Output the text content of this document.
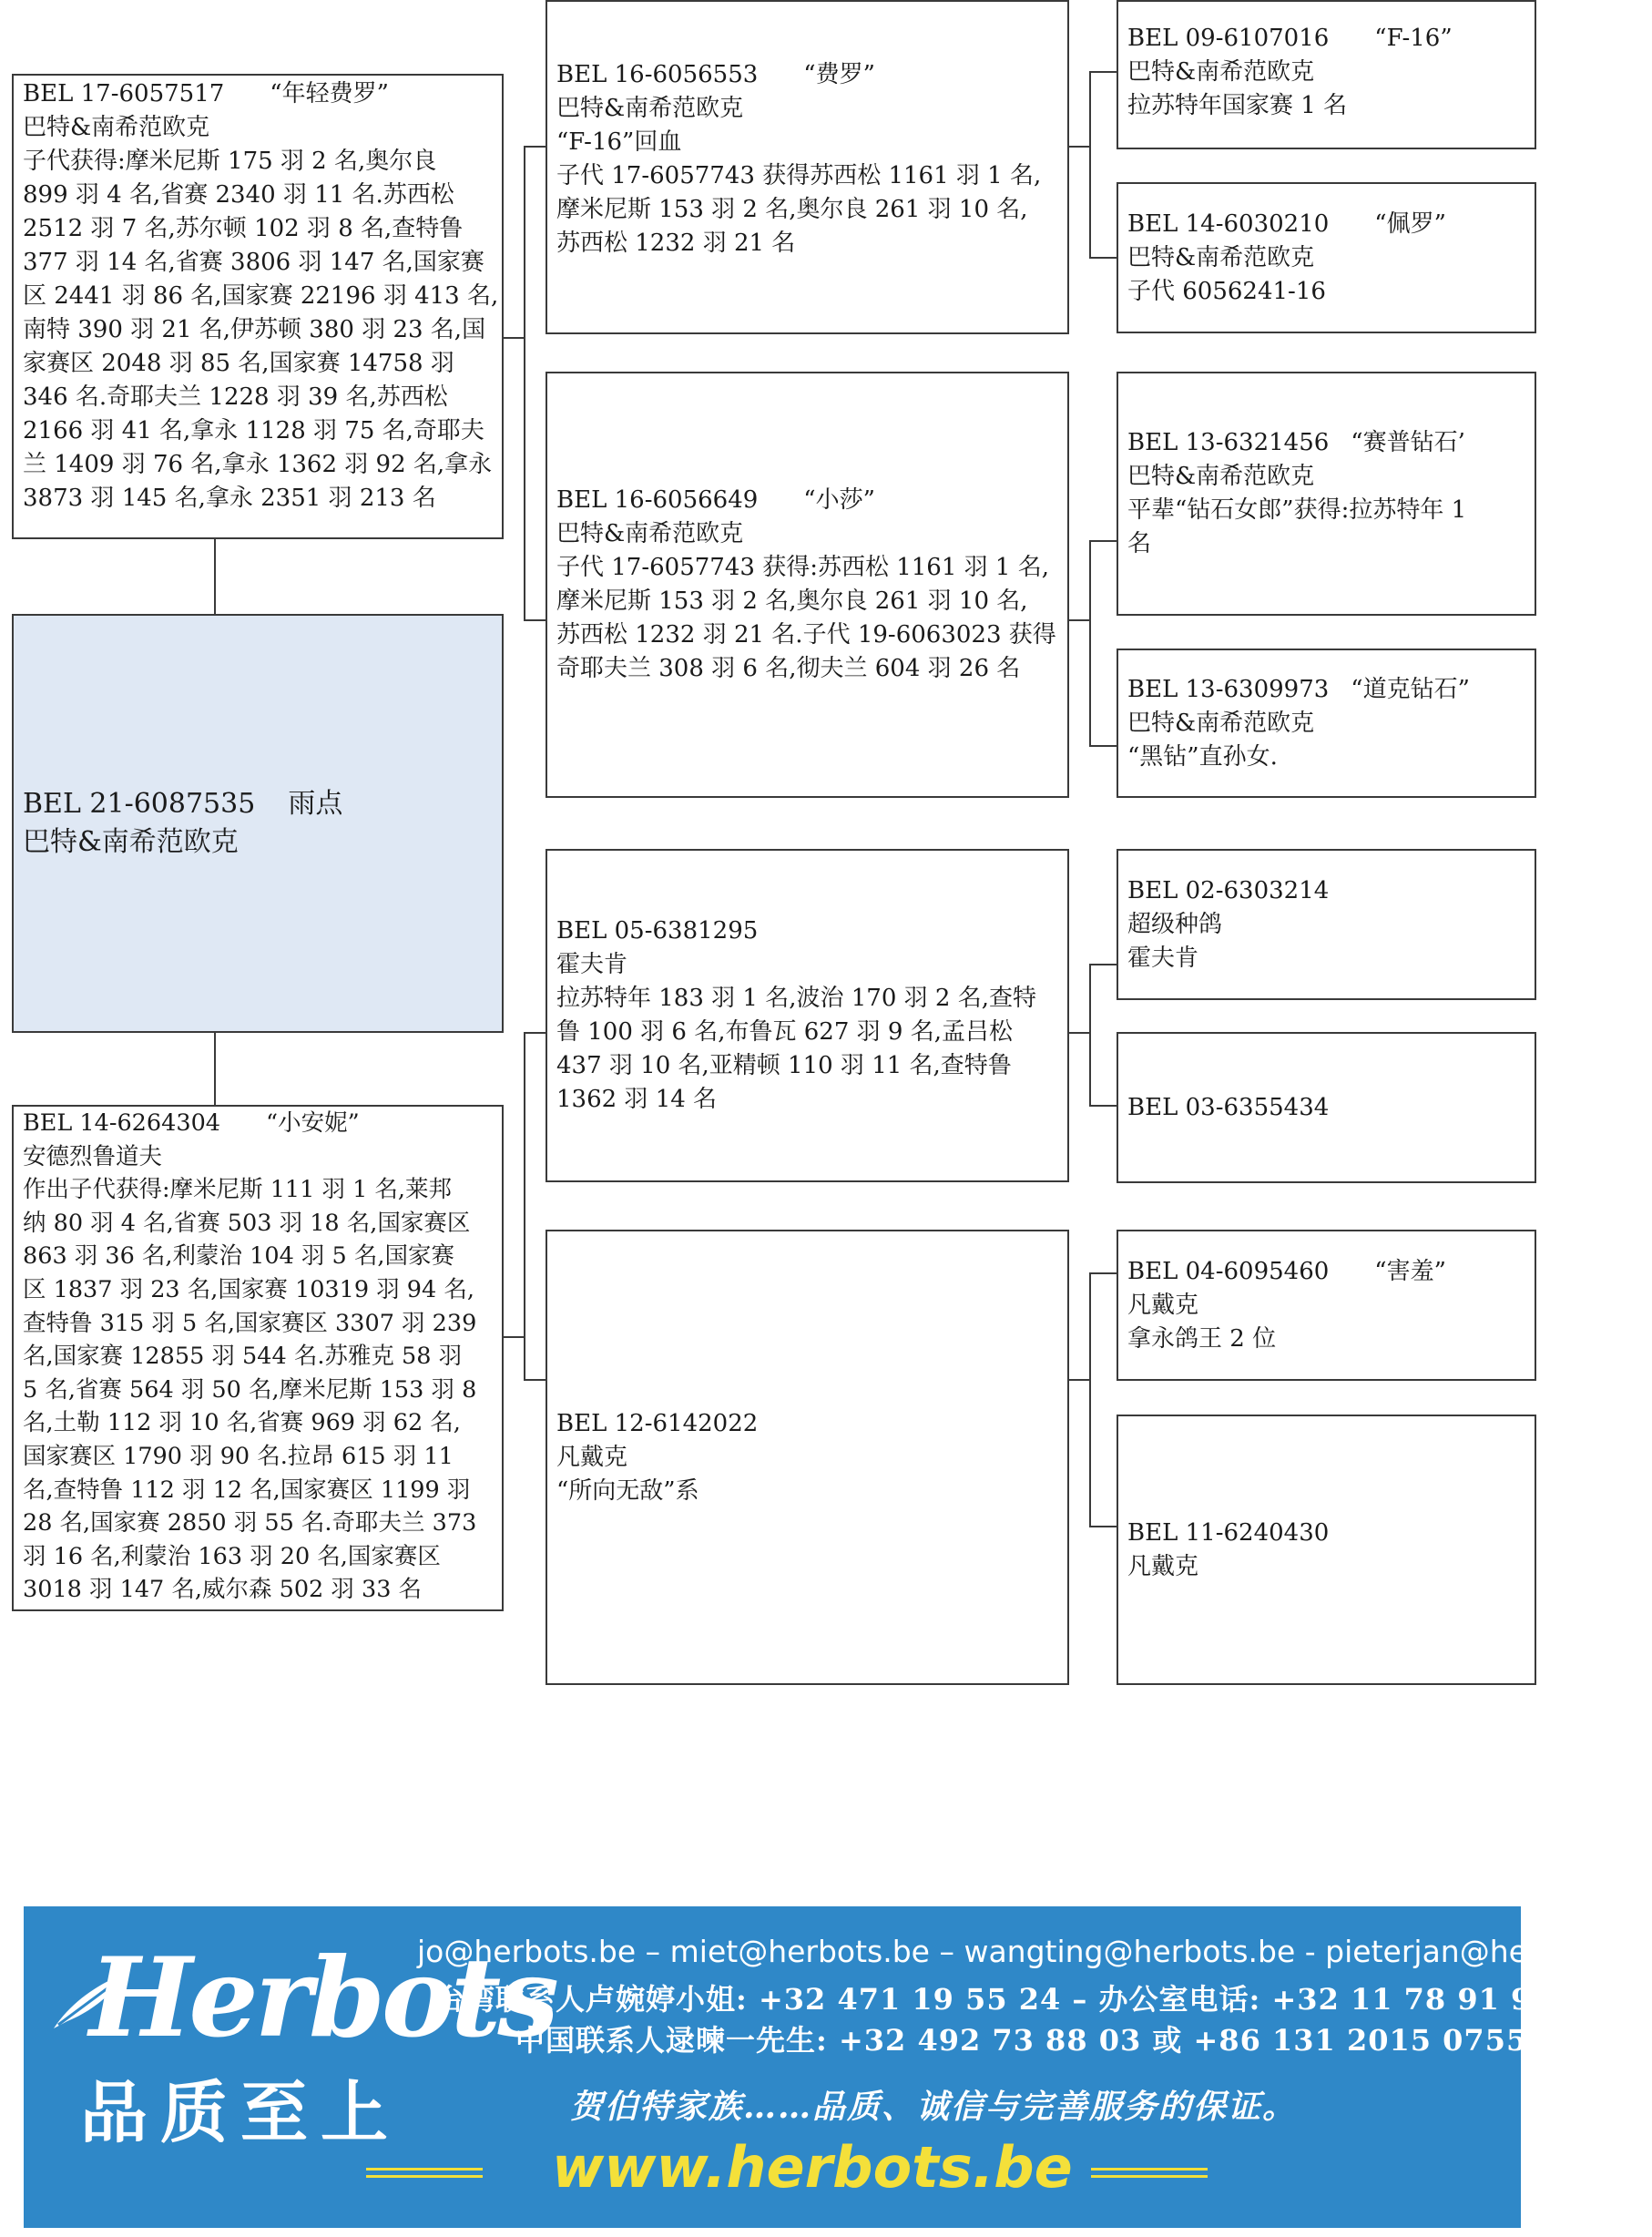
BEL 17-6057517 “年轻费罗”
巴特&南希范欧克
子代获得:摩米尼斯 175 羽 2 名,奥尔良
899 羽 4 名,省赛 2340 羽 11 名.苏西松
2512 羽 7 名,苏尔顿 102 羽 8 名,查特鲁
377 羽 14 名,省赛 3806 羽 147 名,国家赛
区 2441 羽 86 名,国家赛 22196 羽 413 名,
南特 390 羽 21 名,伊苏顿 380 羽 23 名,国
家赛区 2048 羽 85 名,国家赛 14758 羽
346 名.奇耶夫兰 1228 羽 39 名,苏西松
2166 羽 41 名,拿永 1128 羽 75 名,奇耶夫
兰 1409 羽 76 名,拿永 1362 羽 92 名,拿永
3873 羽 145 名,拿永 2351 羽 213 名
BEL 21-6087535 雨点
巴特&南希范欧克
BEL 14-6264304 “小安妮”
安德烈鲁道夫
作出子代获得:摩米尼斯 111 羽 1 名,莱邦
纳 80 羽 4 名,省赛 503 羽 18 名,国家赛区
863 羽 36 名,利蒙治 104 羽 5 名,国家赛
区 1837 羽 23 名,国家赛 10319 羽 94 名,
查特鲁 315 羽 5 名,国家赛区 3307 羽 239
名,国家赛 12855 羽 544 名.苏雅克 58 羽
5 名,省赛 564 羽 50 名,摩米尼斯 153 羽 8
名,土勒 112 羽 10 名,省赛 969 羽 62 名,
国家赛区 1790 羽 90 名.拉昂 615 羽 11
名,查特鲁 112 羽 12 名,国家赛区 1199 羽
28 名,国家赛 2850 羽 55 名.奇耶夫兰 373
羽 16 名,利蒙治 163 羽 20 名,国家赛区
3018 羽 147 名,威尔森 502 羽 33 名
BEL 16-6056553 “费罗”
巴特&南希范欧克
“F-16”回血
子代 17-6057743 获得苏西松 1161 羽 1 名,
摩米尼斯 153 羽 2 名,奥尔良 261 羽 10 名,
苏西松 1232 羽 21 名
BEL 16-6056649 “小莎”
巴特&南希范欧克
子代 17-6057743 获得:苏西松 1161 羽 1 名,
摩米尼斯 153 羽 2 名,奥尔良 261 羽 10 名,
苏西松 1232 羽 21 名.子代 19-6063023 获得
奇耶夫兰 308 羽 6 名,彻夫兰 604 羽 26 名
BEL 05-6381295
霍夫肯
拉苏特年 183 羽 1 名,波治 170 羽 2 名,查特
鲁 100 羽 6 名,布鲁瓦 627 羽 9 名,孟吕松
437 羽 10 名,亚精顿 110 羽 11 名,查特鲁
1362 羽 14 名
BEL 12-6142022
凡戴克
“所向无敌”系
BEL 09-6107016 “F-16”
巴特&南希范欧克
拉苏特年国家赛 1 名
BEL 14-6030210 “佩罗”
巴特&南希范欧克
子代 6056241-16
BEL 13-6321456 “赛普钻石’
巴特&南希范欧克
平辈“钻石女郎”获得:拉苏特年 1
名
BEL 13-6309973 “道克钻石”
巴特&南希范欧克
“黑钻”直孙女.
BEL 02-6303214
超级种鸽
霍夫肯
BEL 03-6355434
BEL 04-6095460 “害羞”
凡戴克
拿永鸽王 2 位
BEL 11-6240430
凡戴克
Herbots
品质至上
jo@herbots.be – miet@herbots.be – wangting@herbots.be - pieterjan@herbots.be
台湾联系人卢婉婷小姐: +32 471 19 55 24 – 办公室电话: +32 11 78 91 90
中国联系人逯暕一先生: +32 492 73 88 03 或 +86 131 2015 0755
贺伯特家族……品质、诚信与完善服务的保证。
www.herbots.be
